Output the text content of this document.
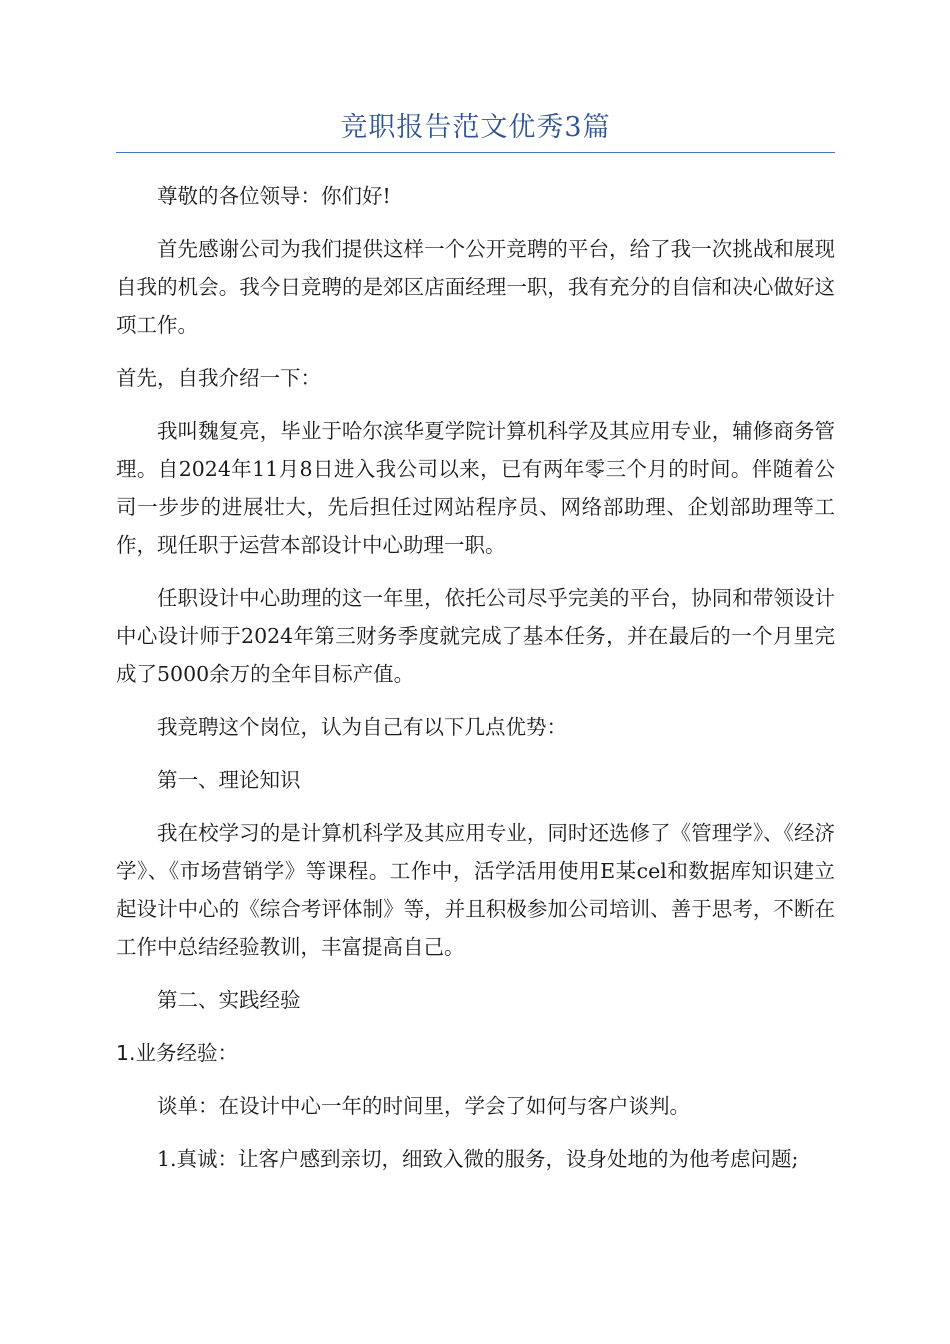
竞职报告范文优秀3篇

尊敬的各位领导：你们好!

首先感谢公司为我们提供这样一个公开竞聘的平台，给了我一次挑战和展现自我的机会。我今日竞聘的是郊区店面经理一职，我有充分的自信和决心做好这项工作。

首先，自我介绍一下：

我叫魏复亮，毕业于哈尔滨华夏学院计算机科学及其应用专业，辅修商务管理。自2024年11月8日进入我公司以来，已有两年零三个月的时间。伴随着公司一步步的进展壮大，先后担任过网站程序员、网络部助理、企划部助理等工作，现任职于运营本部设计中心助理一职。

任职设计中心助理的这一年里，依托公司尽乎完美的平台，协同和带领设计中心设计师于2024年第三财务季度就完成了基本任务，并在最后的一个月里完成了5000余万的全年目标产值。

我竞聘这个岗位，认为自己有以下几点优势：

第一、理论知识

我在校学习的是计算机科学及其应用专业，同时还选修了《管理学》、《经济学》、《市场营销学》等课程。工作中，活学活用使用E某cel和数据库知识建立起设计中心的《综合考评体制》等，并且积极参加公司培训、善于思考，不断在工作中总结经验教训，丰富提高自己。

第二、实践经验

1.业务经验：

谈单：在设计中心一年的时间里，学会了如何与客户谈判。

1.真诚：让客户感到亲切，细致入微的服务，设身处地的为他考虑问题;
